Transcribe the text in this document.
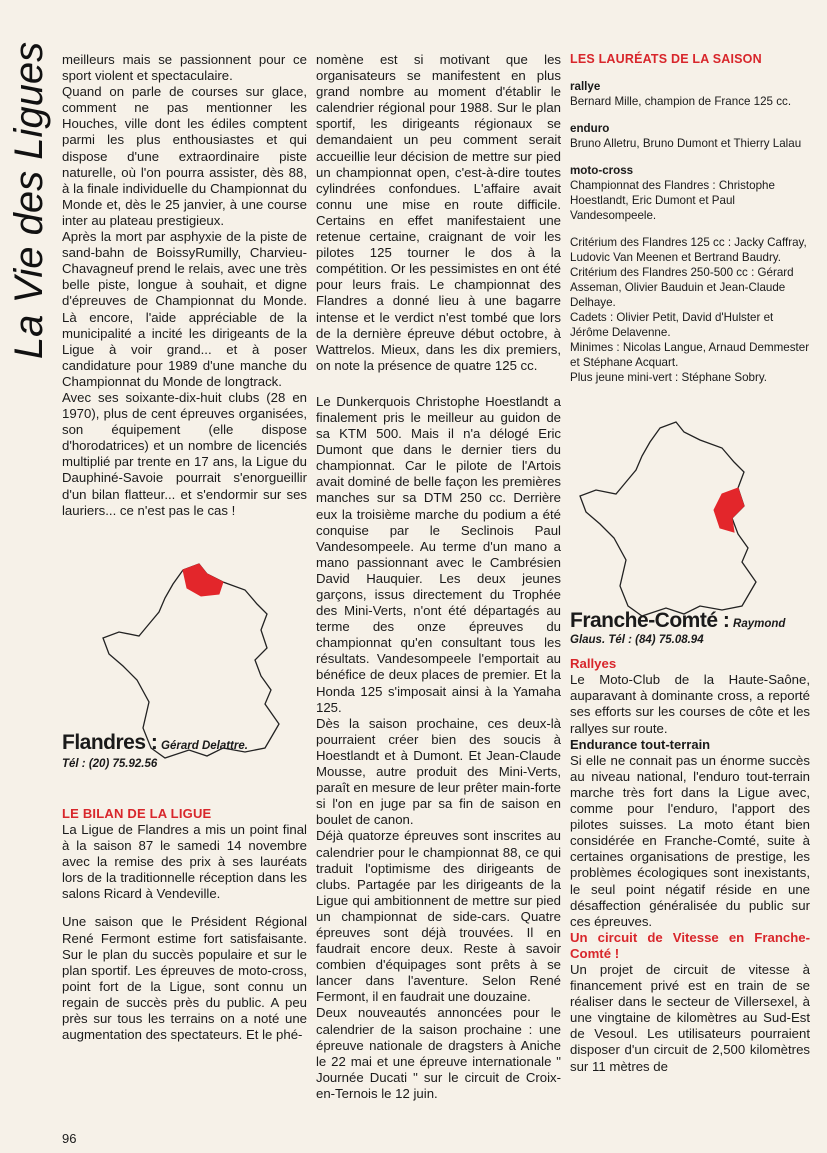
La Vie des Ligues meilleurs mais se passionnent pour ce sport violent et spectaculaire.

Quand on parle de courses sur glace, comment ne pas mentionner les Houches, ville dont les édiles comptent parmi les plus enthousiastes et qui dispose d'une extraordinaire piste naturelle, où l'on pourra assister, dès 88, à la finale individuelle du Championnat du Monde et, dès le 25 janvier, à une course inter au plateau prestigieux.

Après la mort par asphyxie de la piste de sand-bahn de BoissyRumilly, Charvieu-Chavagneuf prend le relais, avec une très belle piste, longue à souhait, et digne d'épreuves de Championnat du Monde. Là encore, l'aide appréciable de la municipalité a incité les dirigeants de la Ligue à voir grand... et à poser candidature pour 1989 d'une manche du Championnat du Monde de longtrack.

Avec ses soixante-dix-huit clubs (28 en 1970), plus de cent épreuves organisées, son équipement (elle dispose d'horodatrices) et un nombre de licenciés multiplié par trente en 17 ans, la Ligue du Dauphiné-Savoie pourrait s'enorgueillir d'un bilan flatteur... et s'endormir sur ses lauriers... ce n'est pas le cas !

Flandres : Gérard Delattre.

Tél : (20) 75.92.56

LE BILAN DE LA LIGUE

La Ligue de Flandres a mis un point final à la saison 87 le samedi 14 novembre avec la remise des prix à ses lauréats lors de la traditionnelle réception dans les salons Ricard à Vendeville.

Une saison que le Président Régional René Fermont estime fort satisfaisante. Sur le plan du succès populaire et sur le plan sportif. Les épreuves de moto-cross, point fort de la Ligue, sont connu un regain de succès près du public. A peu près sur tous les terrains on a noté une augmentation des spectateurs. Et le phé-

nomène est si motivant que les organisateurs se manifestent en plus grand nombre au moment d'établir le calendrier régional pour 1988. Sur le plan sportif, les dirigeants régionaux se demandaient un peu comment serait accueillie leur décision de mettre sur pied un championnat open, c'est-à-dire toutes cylindrées confondues. L'affaire avait connu une mise en route difficile. Certains en effet manifestaient une retenue certaine, craignant de voir les pilotes 125 tourner le dos à la compétition. Or les pessimistes en ont été pour leurs frais. Le championnat des Flandres a donné lieu à une bagarre intense et le verdict n'est tombé que lors de la dernière épreuve début octobre, à Wattrelos. Mieux, dans les dix premiers, on note la présence de quatre 125 cc.

Le Dunkerquois Christophe Hoestlandt a finalement pris le meilleur au guidon de sa KTM 500. Mais il n'a délogé Eric Dumont que dans le dernier tiers du championnat. Car le pilote de l'Artois avait dominé de belle façon les premières manches sur sa DTM 250 cc. Derrière eux la troisième marche du podium a été conquise par le Seclinois Paul Vandesompeele. Au terme d'un mano a mano passionnant avec le Cambrésien David Hauquier. Les deux jeunes garçons, issus directement du Trophée des Mini-Verts, n'ont été départagés au terme des onze épreuves du championnat qu'en consultant tous les résultats. Vandesompeele l'emportait au bénéfice de deux places de premier. Et la Honda 125 s'imposait ainsi à la Yamaha 125.

Dès la saison prochaine, ces deux-là pourraient créer bien des soucis à Hoestlandt et à Dumont. Et Jean-Claude Mousse, autre produit des Mini-Verts, paraît en mesure de leur prêter main-forte si l'on en juge par sa fin de saison en boulet de canon.

Déjà quatorze épreuves sont inscrites au calendrier pour le championnat 88, ce qui traduit l'optimisme des dirigeants de clubs. Partagée par les dirigeants de la Ligue qui ambitionnent de mettre sur pied un championnat de side-cars. Quatre épreuves sont déjà trouvées. Il en faudrait encore deux. Reste à savoir combien d'équipages sont prêts à se lancer dans l'aventure. Selon René Fermont, il en faudrait une douzaine.

Deux nouveautés annoncées pour le calendrier de la saison prochaine : une épreuve nationale de dragsters à Aniche le 22 mai et une épreuve internationale " Journée Ducati " sur le circuit de Croix-en-Ternois le 12 juin.

LES LAURÉATS DE LA SAISON

rallye

Bernard Mille, champion de France 125 cc.

enduro

Bruno Alletru, Bruno Dumont et Thierry Lalau

moto-cross

Championnat des Flandres : Christophe Hoestlandt, Eric Dumont et Paul Vandesompeele.

Critérium des Flandres 125 cc : Jacky Caffray, Ludovic Van Meenen et Bertrand Baudry.

Critérium des Flandres 250-500 cc : Gérard Asseman, Olivier Bauduin et Jean-Claude Delhaye.

Cadets : Olivier Petit, David d'Hulster et Jérôme Delavenne.

Minimes : Nicolas Langue, Arnaud Demmester et Stéphane Acquart.

Plus jeune mini-vert : Stéphane Sobry.

Franche-Comté : Raymond

Glaus. Tél : (84) 75.08.94

Rallyes

Le Moto-Club de la Haute-Saône, auparavant à dominante cross, a reporté ses efforts sur les courses de côte et les rallyes sur route.

Endurance tout-terrain

Si elle ne connait pas un énorme succès au niveau national, l'enduro tout-terrain marche très fort dans la Ligue avec, comme pour l'enduro, l'apport des pilotes suisses. La moto étant bien considérée en Franche-Comté, suite à certaines organisations de prestige, les problèmes écologiques sont inexistants, le seul point négatif réside en une désaffection généralisée du public sur ces épreuves.

Un circuit de Vitesse en Franche-Comté !

Un projet de circuit de vitesse à financement privé est en train de se réaliser dans le secteur de Villersexel, à une vingtaine de kilomètres au Sud-Est de Vesoul. Les utilisateurs pourraient disposer d'un circuit de 2,500 kilomètres sur 11 mètres de

96
